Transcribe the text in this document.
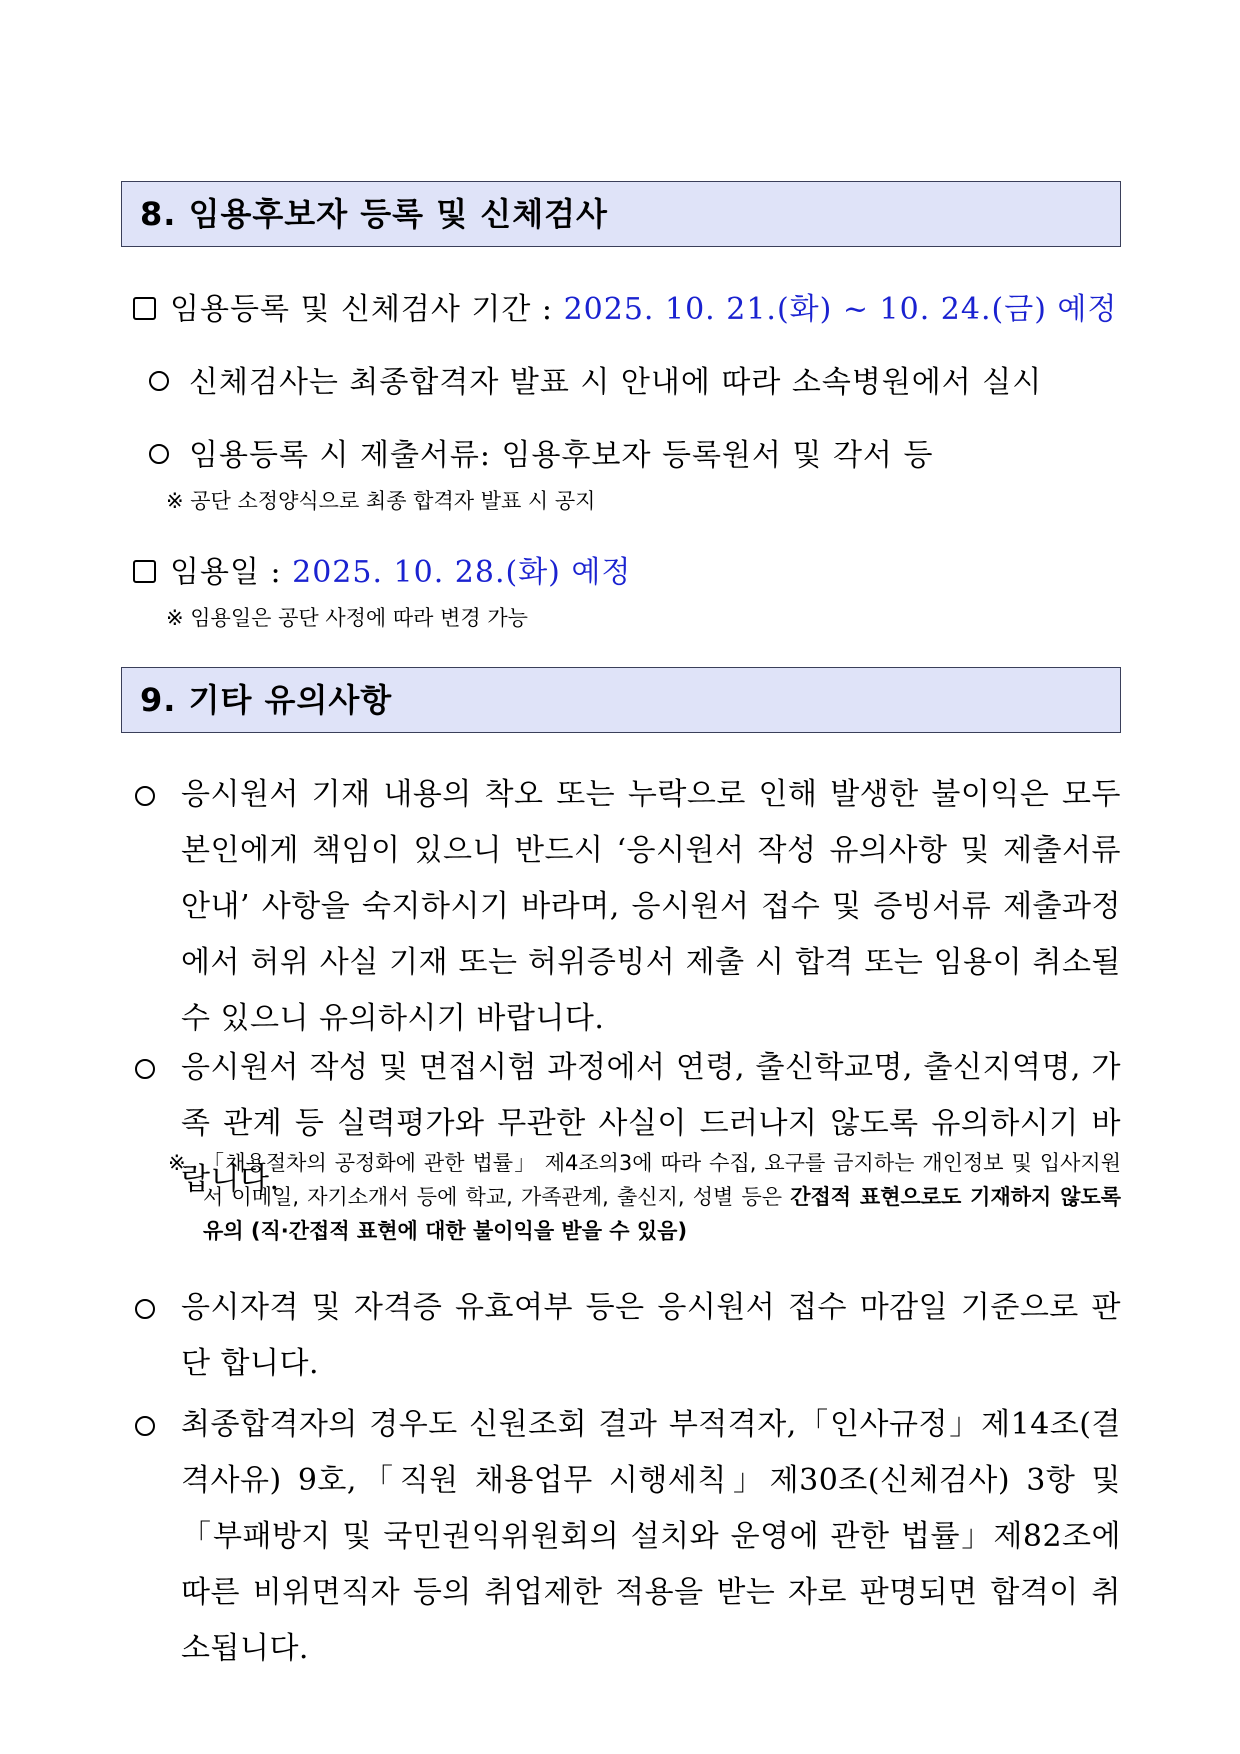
8. 임용후보자 등록 및 신체검사
임용등록 및 신체검사 기간 : 2025. 10. 21.(화) ~ 10. 24.(금) 예정
신체검사는 최종합격자 발표 시 안내에 따라 소속병원에서 실시
임용등록 시 제출서류: 임용후보자 등록원서 및 각서 등
※ 공단 소정양식으로 최종 합격자 발표 시 공지
임용일 : 2025. 10. 28.(화) 예정
※ 임용일은 공단 사정에 따라 변경 가능
9. 기타 유의사항
응시원서 기재 내용의 착오 또는 누락으로 인해 발생한 불이익은 모두 본인에게 책임이 있으니 반드시 ‘응시원서 작성 유의사항 및 제출서류 안내’ 사항을 숙지하시기 바라며, 응시원서 접수 및 증빙서류 제출과정에서 허위 사실 기재 또는 허위증빙서 제출 시 합격 또는 임용이 취소될 수 있으니 유의하시기 바랍니다.
응시원서 작성 및 면접시험 과정에서 연령, 출신학교명, 출신지역명, 가족 관계 등 실력평가와 무관한 사실이 드러나지 않도록 유의하시기 바랍니다.
※ 「채용절차의 공정화에 관한 법률」 제4조의3에 따라 수집, 요구를 금지하는 개인정보 및 입사지원서 이메일, 자기소개서 등에 학교, 가족관계, 출신지, 성별 등은 간접적 표현으로도 기재하지 않도록 유의 (직·간접적 표현에 대한 불이익을 받을 수 있음)
응시자격 및 자격증 유효여부 등은 응시원서 접수 마감일 기준으로 판단 합니다.
최종합격자의 경우도 신원조회 결과 부적격자,「인사규정」제14조(결격사유) 9호,「직원 채용업무 시행세칙」제30조(신체검사) 3항 및「부패방지 및 국민권익위원회의 설치와 운영에 관한 법률」제82조에 따른 비위면직자 등의 취업제한 적용을 받는 자로 판명되면 합격이 취소됩니다.
